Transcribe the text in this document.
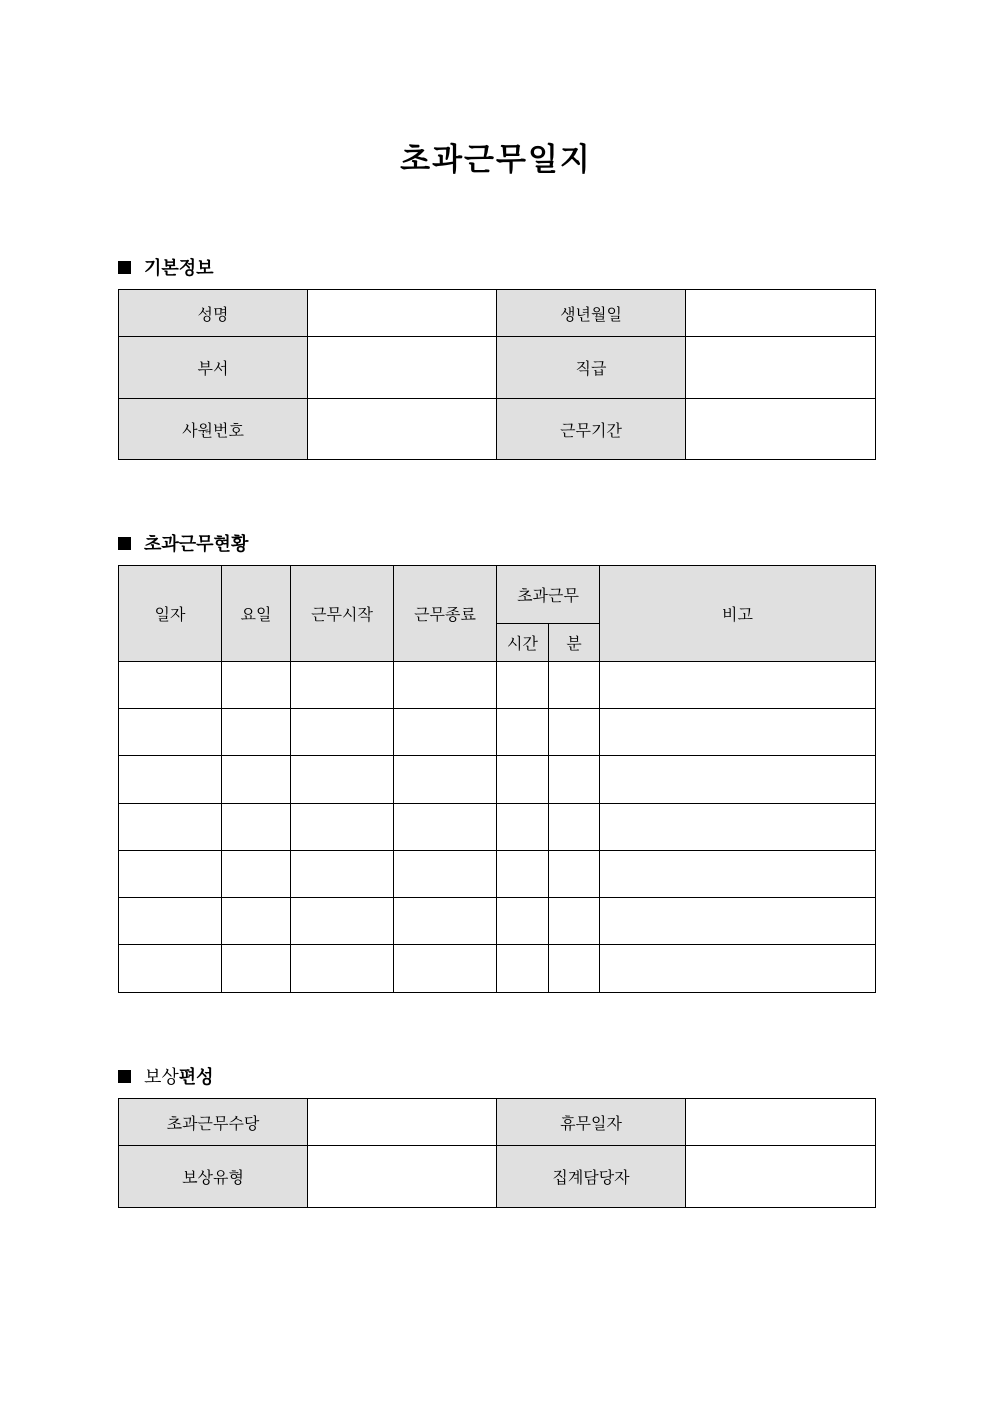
초과근무일지
기본정보
성명		생년월일	
부서		직급	
사원번호		근무기간	
초과근무현황
일자	요일	근무시작	근무종료	초과근무		비고
				시간	분	

보상 편성
초과근무수당		휴무일자	
보상유형		집계담당자	
